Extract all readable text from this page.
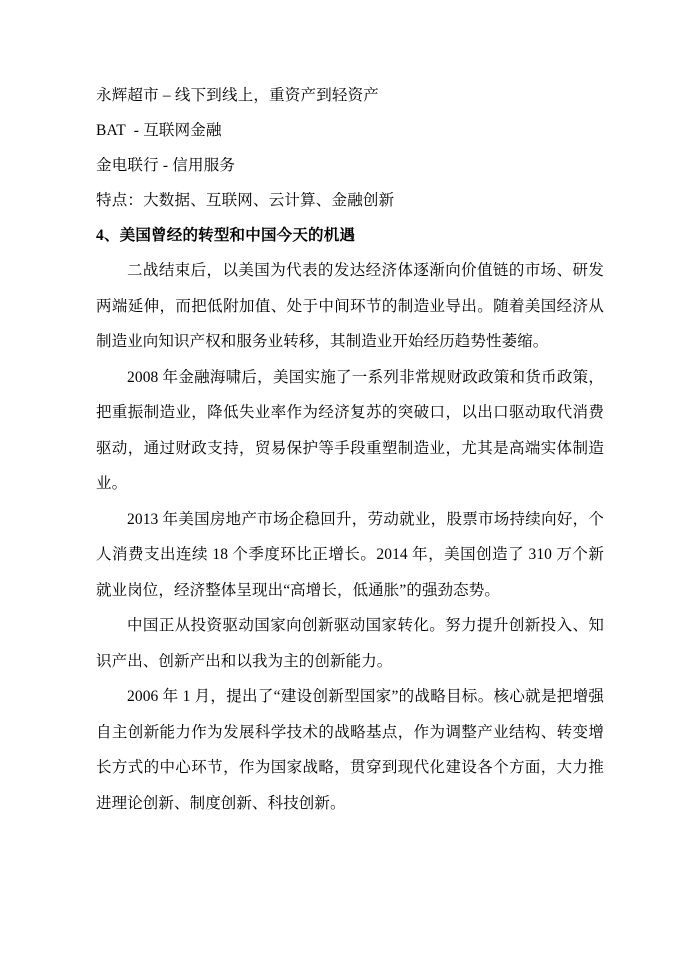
永辉超市 – 线下到线上，重资产到轻资产
BAT  - 互联网金融
金电联行 - 信用服务
特点：大数据、互联网、云计算、金融创新
4、美国曾经的转型和中国今天的机遇

二战结束后，以美国为代表的发达经济体逐渐向价值链的市场、研发两端延伸，而把低附加值、处于中间环节的制造业导出。随着美国经济从制造业向知识产权和服务业转移，其制造业开始经历趋势性萎缩。

2008 年金融海啸后，美国实施了一系列非常规财政政策和货币政策，把重振制造业，降低失业率作为经济复苏的突破口，以出口驱动取代消费驱动，通过财政支持，贸易保护等手段重塑制造业，尤其是高端实体制造业。

2013 年美国房地产市场企稳回升，劳动就业，股票市场持续向好，个人消费支出连续 18 个季度环比正增长。2014 年，美国创造了 310 万个新就业岗位，经济整体呈现出“高增长，低通胀”的强劲态势。

中国正从投资驱动国家向创新驱动国家转化。努力提升创新投入、知识产出、创新产出和以我为主的创新能力。

2006 年 1 月，提出了“建设创新型国家”的战略目标。核心就是把增强自主创新能力作为发展科学技术的战略基点，作为调整产业结构、转变增长方式的中心环节，作为国家战略，贯穿到现代化建设各个方面，大力推进理论创新、制度创新、科技创新。
